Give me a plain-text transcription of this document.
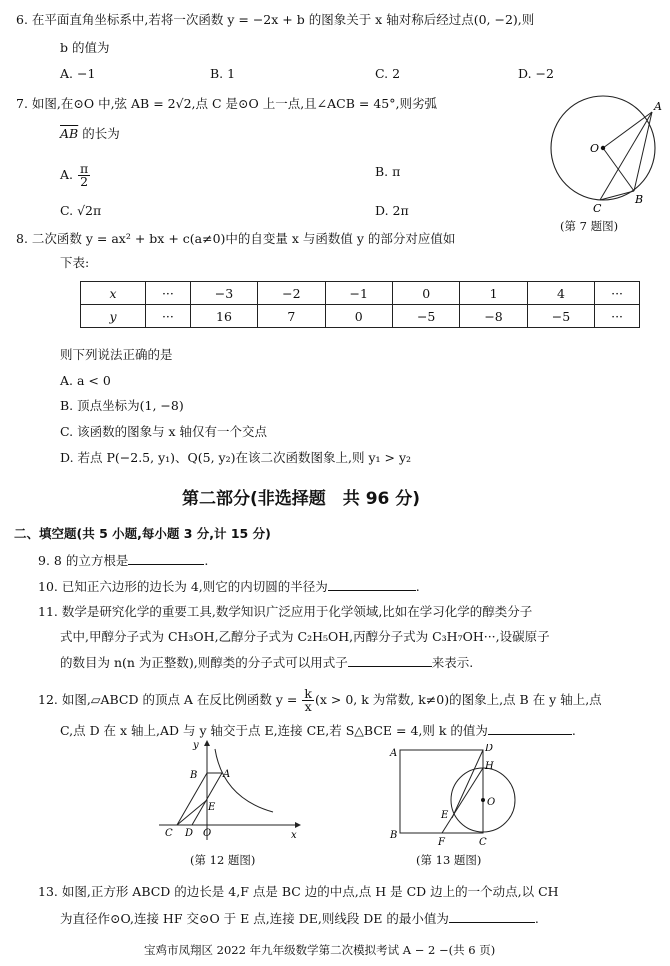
6. 在平面直角坐标系中,若将一次函数 y = −2x + b 的图象关于 x 轴对称后经过点(0, −2),则
b 的值为
A. −1	B. 1	C. 2	D. −2
7. 如图,在⊙O 中,弦 AB = 2√2,点 C 是⊙O 上一点,且∠ACB = 45°,则劣弧
$\overline{AB}$ 的长为
A. $\frac{\pi}{2}$	B. π
C. √2π	D. 2π
O
A
B
C
(第 7 题图)
8. 二次函数 y = ax² + bx + c(a≠0)中的自变量 x 与函数值 y 的部分对应值如
下表:
x	···	−3	−2	−1	0	1	4	···
y	···	16	7	0	−5	−8	−5	···
则下列说法正确的是
A. a < 0
B. 顶点坐标为(1, −8)
C. 该函数的图象与 x 轴仅有一个交点
D. 若点 P(−2.5, y₁)、Q(5, y₂)在该二次函数图象上,则 y₁ > y₂
第二部分(非选择题　共 96 分)
二、填空题(共 5 小题,每小题 3 分,计 15 分)
9. 8 的立方根是	.
10. 已知正六边形的边长为 4,则它的内切圆的半径为	.
11. 数学是研究化学的重要工具,数学知识广泛应用于化学领域,比如在学习化学的醇类分子
式中,甲醇分子式为 CH₃OH,乙醇分子式为 C₂H₅OH,丙醇分子式为 C₃H₇OH···,设碳原子
的数目为 n(n 为正整数),则醇类的分子式可以用式子	来表示.
12. 如图,▱ABCD 的顶点 A 在反比例函数 $y = \frac{k}{x} (x > 0$, k 为常数, k≠0)的图象上,点 B 在 y 轴上,点
C,点 D 在 x 轴上,AD 与 y 轴交于点 E,连接 CE,若 S△BCE = 4,则 k 的值为	.
y
x
A
B
C D
E
O
(第 12 题图)
A
B
C
D
H
O
E
F
(第 13 题图)
13. 如图,正方形 ABCD 的边长是 4,F 点是 BC 边的中点,点 H 是 CD 边上的一个动点,以 CH
为直径作⊙O,连接 HF 交⊙O 于 E 点,连接 DE,则线段 DE 的最小值为	.
宝鸡市凤翔区 2022 年九年级数学第二次模拟考试 A − 2 −(共 6 页)
